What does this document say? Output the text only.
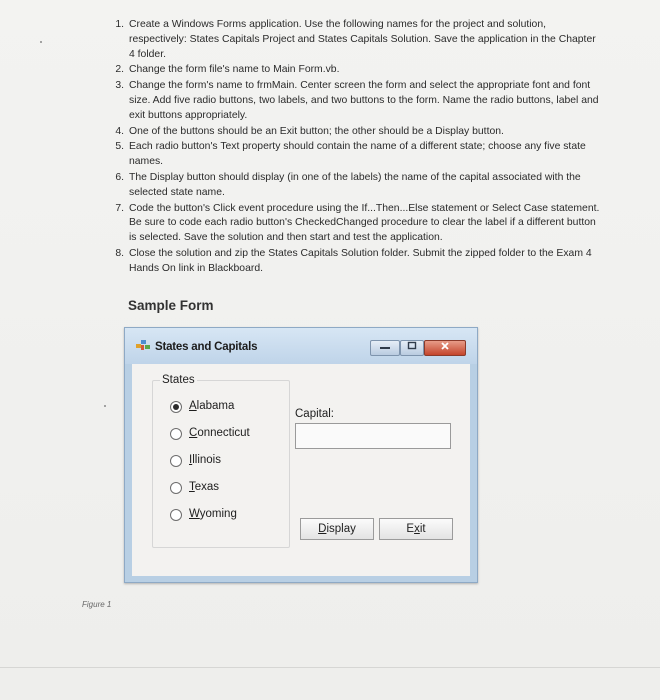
1. Create a Windows Forms application. Use the following names for the project and solution, respectively: States Capitals Project and States Capitals Solution. Save the application in the Chapter 4 folder.
2. Change the form file's name to Main Form.vb.
3. Change the form's name to frmMain. Center screen the form and select the appropriate font and font size. Add five radio buttons, two labels, and two buttons to the form. Name the radio buttons, label and exit buttons appropriately.
4. One of the buttons should be an Exit button; the other should be a Display button.
5. Each radio button's Text property should contain the name of a different state; choose any five state names.
6. The Display button should display (in one of the labels) the name of the capital associated with the selected state name.
7. Code the button's Click event procedure using the If...Then...Else statement or Select Case statement. Be sure to code each radio button's CheckedChanged procedure to clear the label if a different button is selected. Save the solution and then start and test the application.
8. Close the solution and zip the States Capitals Solution folder. Submit the zipped folder to the Exam 4 Hands On link in Blackboard.
Sample Form
States and Capitals
States
Alabama
Connecticut
Illinois
Texas
Wyoming
Capital:
Display	Exit
Figure 1
